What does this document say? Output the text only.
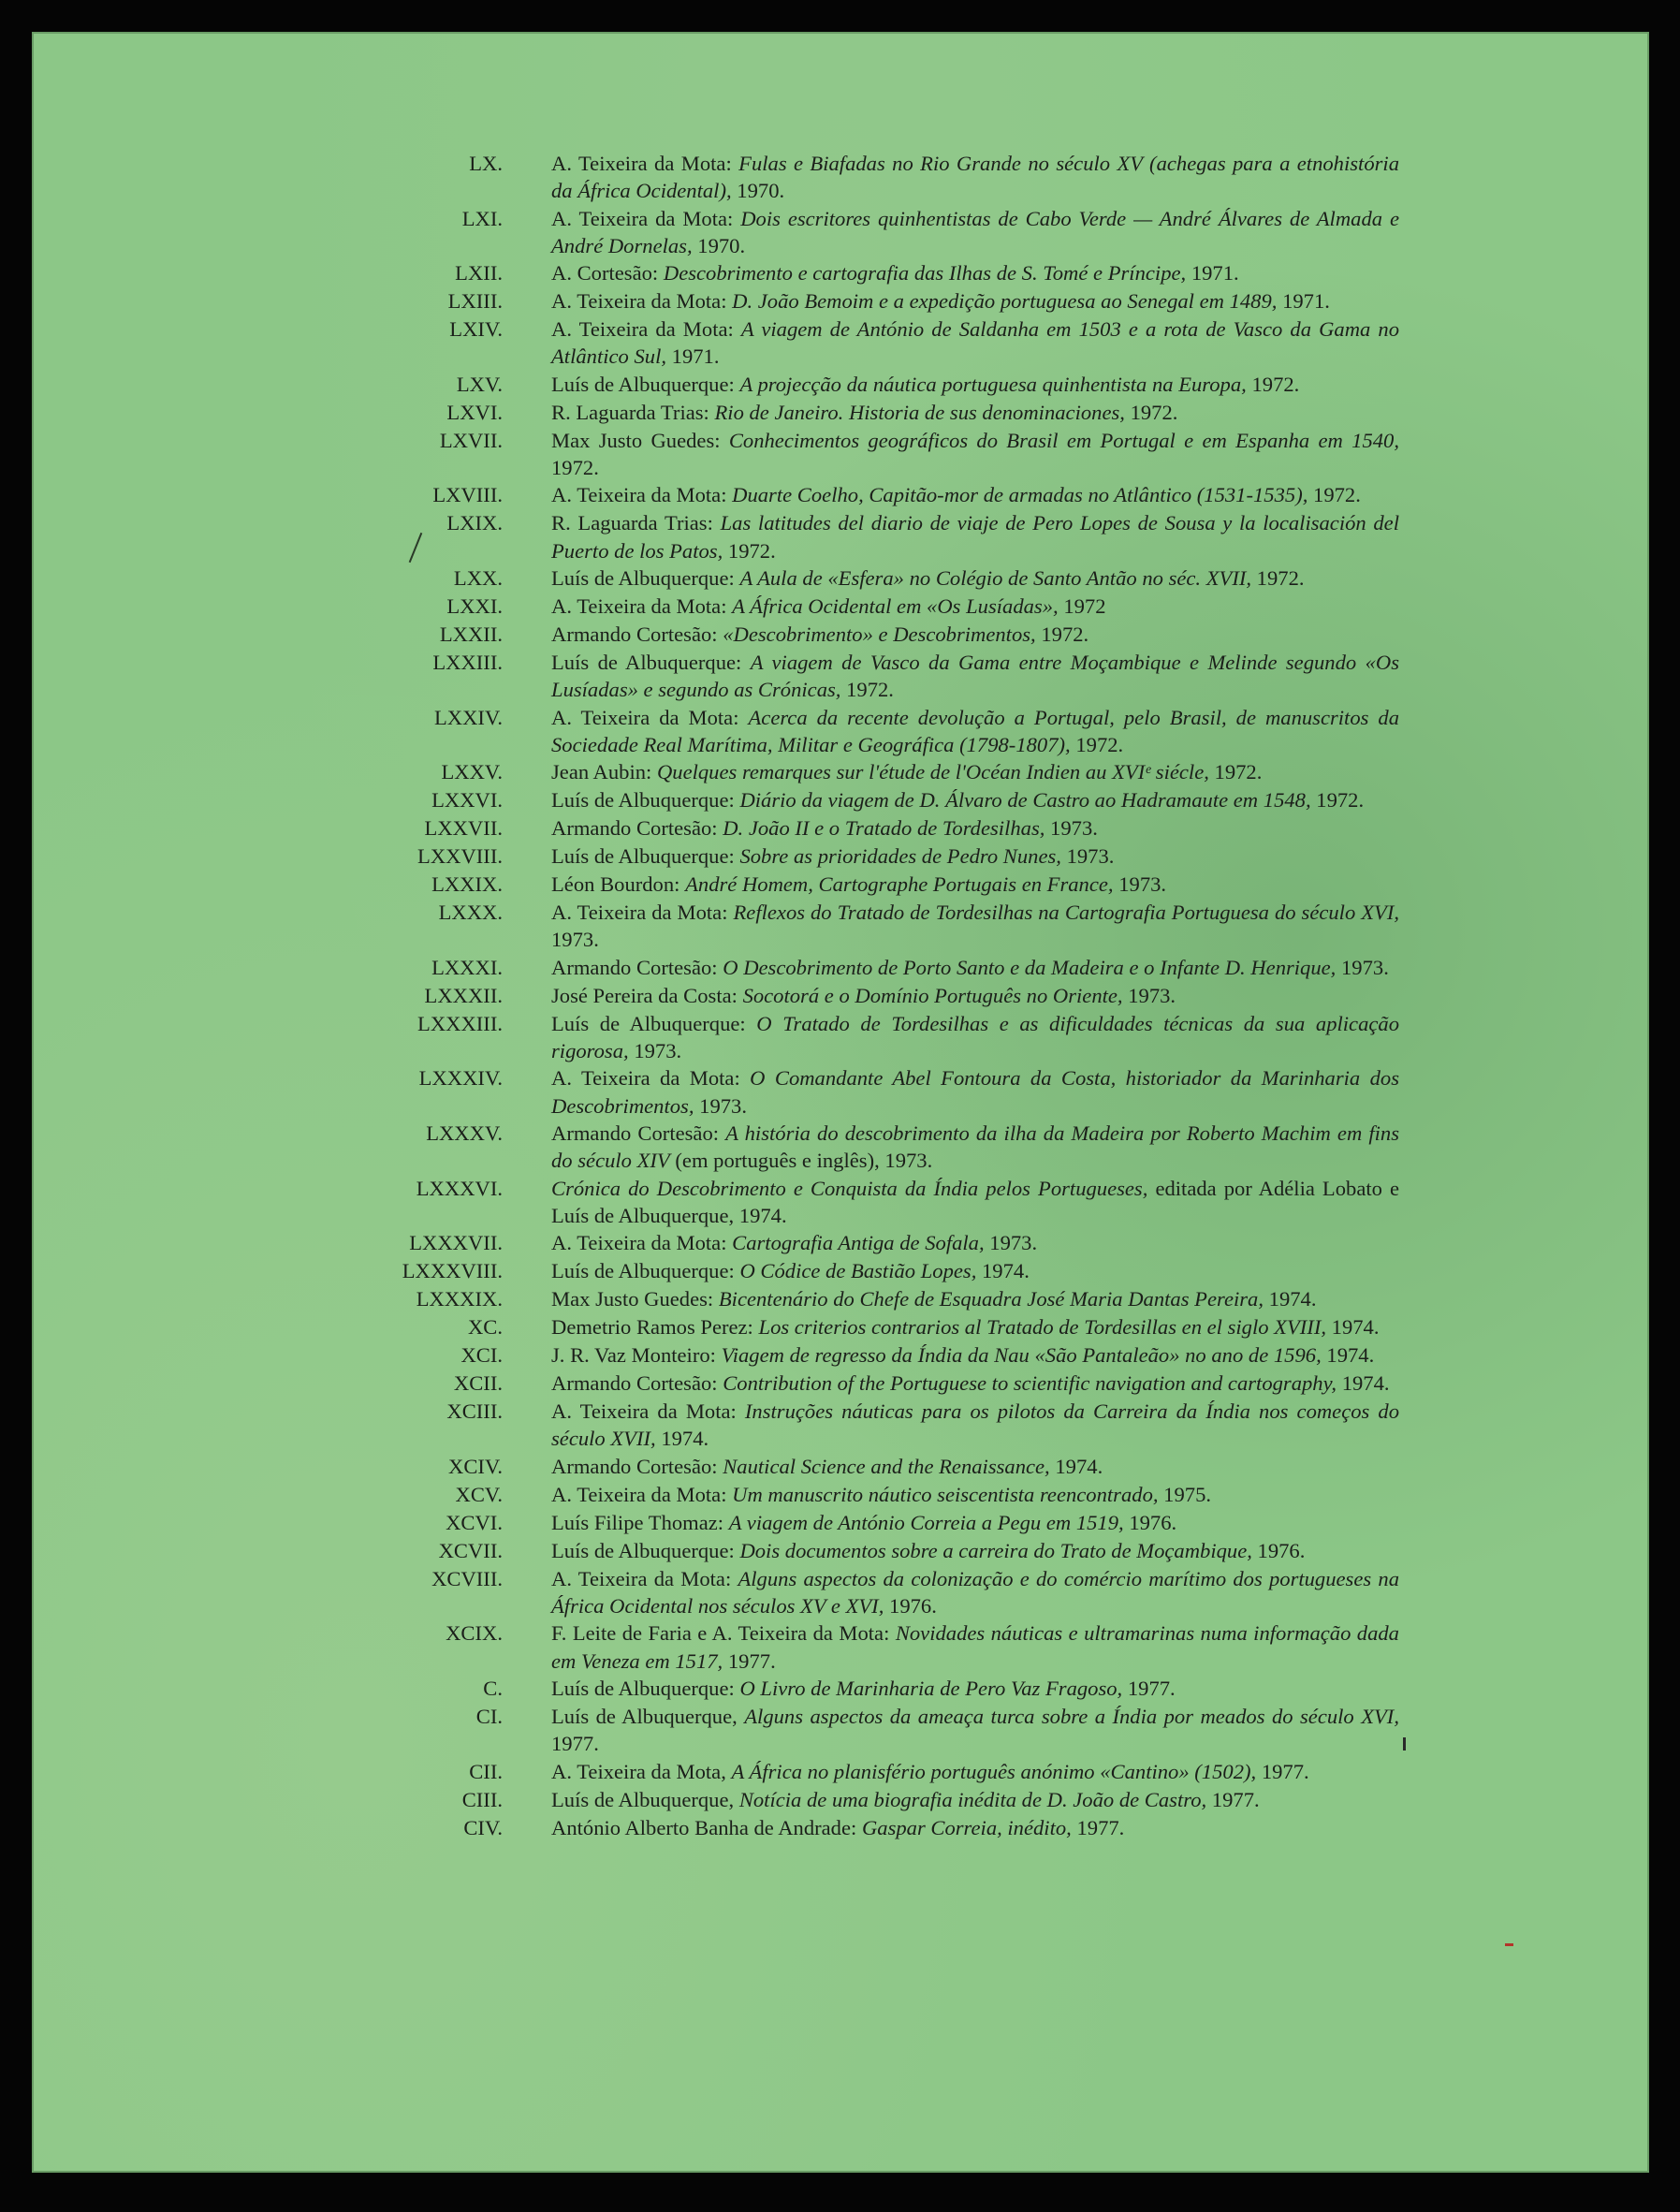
LX. A. Teixeira da Mota: Fulas e Biafadas no Rio Grande no século XV (achegas para a etnohistória da África Ocidental), 1970.
LXI. A. Teixeira da Mota: Dois escritores quinhentistas de Cabo Verde — André Álvares de Almada e André Dornelas, 1970.
LXII. A. Cortesão: Descobrimento e cartografia das Ilhas de S. Tomé e Príncipe, 1971.
LXIII. A. Teixeira da Mota: D. João Bemoim e a expedição portuguesa ao Senegal em 1489, 1971.
LXIV. A. Teixeira da Mota: A viagem de António de Saldanha em 1503 e a rota de Vasco da Gama no Atlântico Sul, 1971.
LXV. Luís de Albuquerque: A projecção da náutica portuguesa quinhentista na Europa, 1972.
LXVI. R. Laguarda Trias: Rio de Janeiro. Historia de sus denominaciones, 1972.
LXVII. Max Justo Guedes: Conhecimentos geográficos do Brasil em Portugal e em Espanha em 1540, 1972.
LXVIII. A. Teixeira da Mota: Duarte Coelho, Capitão-mor de armadas no Atlântico (1531-1535), 1972.
LXIX. R. Laguarda Trias: Las latitudes del diario de viaje de Pero Lopes de Sousa y la localisación del Puerto de los Patos, 1972.
LXX. Luís de Albuquerque: A Aula de «Esfera» no Colégio de Santo Antão no séc. XVII, 1972.
LXXI. A. Teixeira da Mota: A África Ocidental em «Os Lusíadas», 1972
LXXII. Armando Cortesão: «Descobrimento» e Descobrimentos, 1972.
LXXIII. Luís de Albuquerque: A viagem de Vasco da Gama entre Moçambique e Melinde segundo «Os Lusíadas» e segundo as Crónicas, 1972.
LXXIV. A. Teixeira da Mota: Acerca da recente devolução a Portugal, pelo Brasil, de manuscritos da Sociedade Real Marítima, Militar e Geográfica (1798-1807), 1972.
LXXV. Jean Aubin: Quelques remarques sur l'étude de l'Océan Indien au XVIᵉ siécle, 1972.
LXXVI. Luís de Albuquerque: Diário da viagem de D. Álvaro de Castro ao Hadramaute em 1548, 1972.
LXXVII. Armando Cortesão: D. João II e o Tratado de Tordesilhas, 1973.
LXXVIII. Luís de Albuquerque: Sobre as prioridades de Pedro Nunes, 1973.
LXXIX. Léon Bourdon: André Homem, Cartographe Portugais en France, 1973.
LXXX. A. Teixeira da Mota: Reflexos do Tratado de Tordesilhas na Cartografia Portuguesa do século XVI, 1973.
LXXXI. Armando Cortesão: O Descobrimento de Porto Santo e da Madeira e o Infante D. Henrique, 1973.
LXXXII. José Pereira da Costa: Socotorá e o Domínio Português no Oriente, 1973.
LXXXIII. Luís de Albuquerque: O Tratado de Tordesilhas e as dificuldades técnicas da sua aplicação rigorosa, 1973.
LXXXIV. A. Teixeira da Mota: O Comandante Abel Fontoura da Costa, historiador da Marinharia dos Descobrimentos, 1973.
LXXXV. Armando Cortesão: A história do descobrimento da ilha da Madeira por Roberto Machim em fins do século XIV (em português e inglês), 1973.
LXXXVI. Crónica do Descobrimento e Conquista da Índia pelos Portugueses, editada por Adélia Lobato e Luís de Albuquerque, 1974.
LXXXVII. A. Teixeira da Mota: Cartografia Antiga de Sofala, 1973.
LXXXVIII. Luís de Albuquerque: O Códice de Bastião Lopes, 1974.
LXXXIX. Max Justo Guedes: Bicentenário do Chefe de Esquadra José Maria Dantas Pereira, 1974.
XC. Demetrio Ramos Perez: Los criterios contrarios al Tratado de Tordesillas en el siglo XVIII, 1974.
XCI. J. R. Vaz Monteiro: Viagem de regresso da Índia da Nau «São Pantaleão» no ano de 1596, 1974.
XCII. Armando Cortesão: Contribution of the Portuguese to scientific navigation and cartography, 1974.
XCIII. A. Teixeira da Mota: Instruções náuticas para os pilotos da Carreira da Índia nos começos do século XVII, 1974.
XCIV. Armando Cortesão: Nautical Science and the Renaissance, 1974.
XCV. A. Teixeira da Mota: Um manuscrito náutico seiscentista reencontrado, 1975.
XCVI. Luís Filipe Thomaz: A viagem de António Correia a Pegu em 1519, 1976.
XCVII. Luís de Albuquerque: Dois documentos sobre a carreira do Trato de Moçambique, 1976.
XCVIII. A. Teixeira da Mota: Alguns aspectos da colonização e do comércio marítimo dos portugueses na África Ocidental nos séculos XV e XVI, 1976.
XCIX. F. Leite de Faria e A. Teixeira da Mota: Novidades náuticas e ultramarinas numa informação dada em Veneza em 1517, 1977.
C. Luís de Albuquerque: O Livro de Marinharia de Pero Vaz Fragoso, 1977.
CI. Luís de Albuquerque, Alguns aspectos da ameaça turca sobre a Índia por meados do século XVI, 1977.
CII. A. Teixeira da Mota, A África no planisfério português anónimo «Cantino» (1502), 1977.
CIII. Luís de Albuquerque, Notícia de uma biografia inédita de D. João de Castro, 1977.
CIV. António Alberto Banha de Andrade: Gaspar Correia, inédito, 1977.
